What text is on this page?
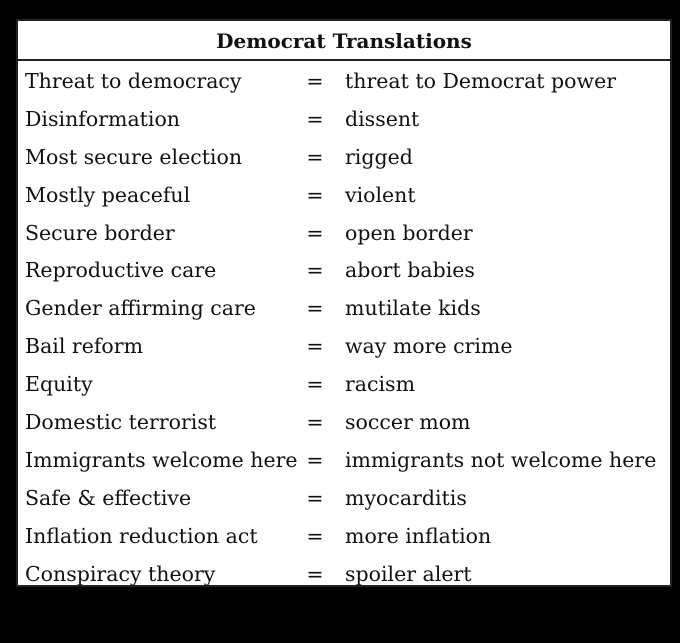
Democrat Translations
Threat to democracy	= threat to Democrat power
Disinformation	= dissent
Most secure election	= rigged
Mostly peaceful	= violent
Secure border	= open border
Reproductive care	= abort babies
Gender affirming care = mutilate kids
Bail reform	= way more crime
Equity	= racism
Domestic terrorist	= soccer mom
Immigrants welcome here = immigrants not welcome here
Safe & effective	= myocarditis
Inflation reduction act = more inflation
Conspiracy theory	= spoiler alert
